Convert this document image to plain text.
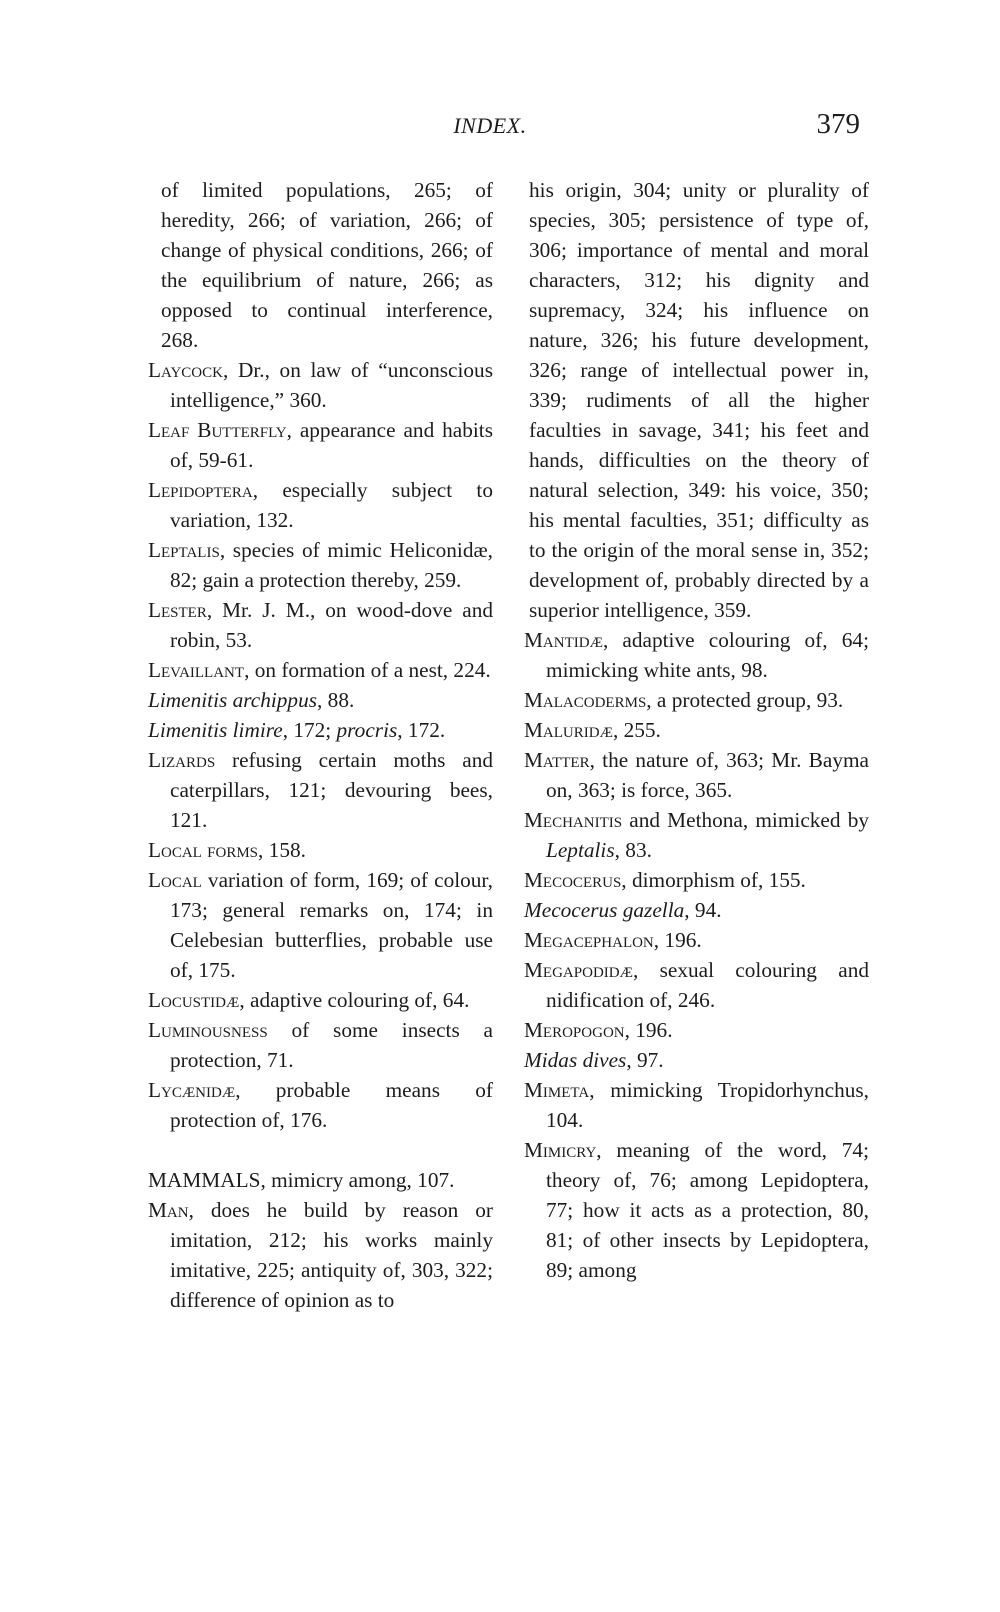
INDEX.	379

of limited populations, 265; of heredity, 266; of variation, 266; of change of physical conditions, 266; of the equilibrium of nature, 266; as opposed to continual interference, 268.

Laycock, Dr., on law of “unconscious intelligence,” 360.

Leaf Butterfly, appearance and habits of, 59-61.

Lepidoptera, especially subject to variation, 132.

Leptalis, species of mimic Heliconidæ, 82; gain a protection thereby, 259.

Lester, Mr. J. M., on wood-dove and robin, 53.

Levaillant, on formation of a nest, 224.

Limenitis archippus, 88.

Limenitis limire, 172; procris, 172.

Lizards refusing certain moths and caterpillars, 121; devouring bees, 121.

Local forms, 158.

Local variation of form, 169; of colour, 173; general remarks on, 174; in Celebesian butterflies, probable use of, 175.

Locustidæ, adaptive colouring of, 64.

Luminousness of some insects a protection, 71.

Lycænidæ, probable means of protection of, 176.

MAMMALS, mimicry among, 107.

Man, does he build by reason or imitation, 212; his works mainly imitative, 225; antiquity of, 303, 322; difference of opinion as to

his origin, 304; unity or plurality of species, 305; persistence of type of, 306; importance of mental and moral characters, 312; his dignity and supremacy, 324; his influence on nature, 326; his future development, 326; range of intellectual power in, 339; rudiments of all the higher faculties in savage, 341; his feet and hands, difficulties on the theory of natural selection, 349: his voice, 350; his mental faculties, 351; difficulty as to the origin of the moral sense in, 352; development of, probably directed by a superior intelligence, 359.

Mantidæ, adaptive colouring of, 64; mimicking white ants, 98.

Malacoderms, a protected group, 93.

Maluridæ, 255.

Matter, the nature of, 363; Mr. Bayma on, 363; is force, 365.

Mechanitis and Methona, mimicked by Leptalis, 83.

Mecocerus, dimorphism of, 155.

Mecocerus gazella, 94.

Megacephalon, 196.

Megapodidæ, sexual colouring and nidification of, 246.

Meropogon, 196.

Midas dives, 97.

Mimeta, mimicking Tropidorhynchus, 104.

Mimicry, meaning of the word, 74; theory of, 76; among Lepidoptera, 77; how it acts as a protection, 80, 81; of other insects by Lepidoptera, 89; among
